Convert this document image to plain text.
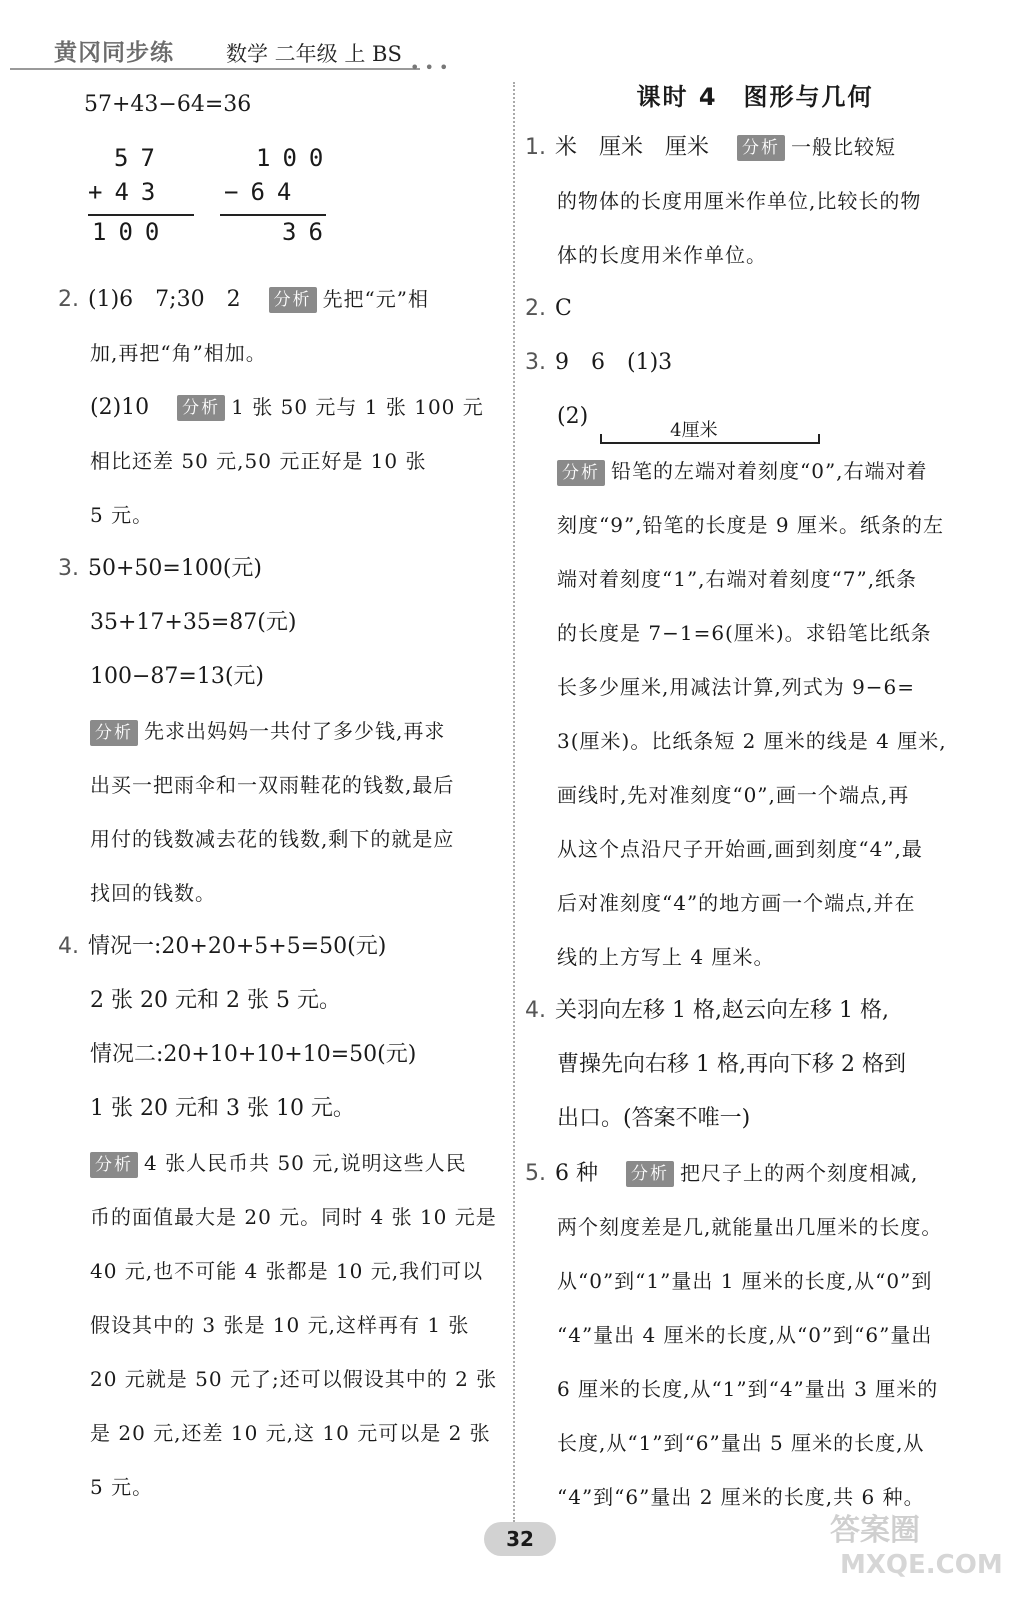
黄冈同步练 数学 二年级 上 BS
• • •
57+43−64=36
57
+43
100
100
−64
36
2. (1)6　7;30　2 分析 先把“元”相
加,再把“角”相加。
(2)10 分析 1 张 50 元与 1 张 100 元
相比还差 50 元,50 元正好是 10 张
5 元。
3. 50+50=100(元)
35+17+35=87(元)
100−87=13(元)
分析 先求出妈妈一共付了多少钱,再求
出买一把雨伞和一双雨鞋花的钱数,最后
用付的钱数减去花的钱数,剩下的就是应
找回的钱数。
4. 情况一:20+20+5+5=50(元)
2 张 20 元和 2 张 5 元。
情况二:20+10+10+10=50(元)
1 张 20 元和 3 张 10 元。
分析 4 张人民币共 50 元,说明这些人民
币的面值最大是 20 元。同时 4 张 10 元是
40 元,也不可能 4 张都是 10 元,我们可以
假设其中的 3 张是 10 元,这样再有 1 张
20 元就是 50 元了;还可以假设其中的 2 张
是 20 元,还差 10 元,这 10 元可以是 2 张
5 元。
课时 4　图形与几何
1. 米　厘米　厘米 分析 一般比较短
的物体的长度用厘米作单位,比较长的物
体的长度用米作单位。
2. C
3. 9　6　(1)3
(2)
4厘米
分析 铅笔的左端对着刻度“0”,右端对着
刻度“9”,铅笔的长度是 9 厘米。纸条的左
端对着刻度“1”,右端对着刻度“7”,纸条
的长度是 7−1=6(厘米)。求铅笔比纸条
长多少厘米,用减法计算,列式为 9−6=
3(厘米)。比纸条短 2 厘米的线是 4 厘米,
画线时,先对准刻度“0”,画一个端点,再
从这个点沿尺子开始画,画到刻度“4”,最
后对准刻度“4”的地方画一个端点,并在
线的上方写上 4 厘米。
4. 关羽向左移 1 格,赵云向左移 1 格,
曹操先向右移 1 格,再向下移 2 格到
出口。(答案不唯一)
5. 6 种 分析 把尺子上的两个刻度相减,
两个刻度差是几,就能量出几厘米的长度。
从“0”到“1”量出 1 厘米的长度,从“0”到
“4”量出 4 厘米的长度,从“0”到“6”量出
6 厘米的长度,从“1”到“4”量出 3 厘米的
长度,从“1”到“6”量出 5 厘米的长度,从
“4”到“6”量出 2 厘米的长度,共 6 种。
32	答案圈
MXQE.COM
